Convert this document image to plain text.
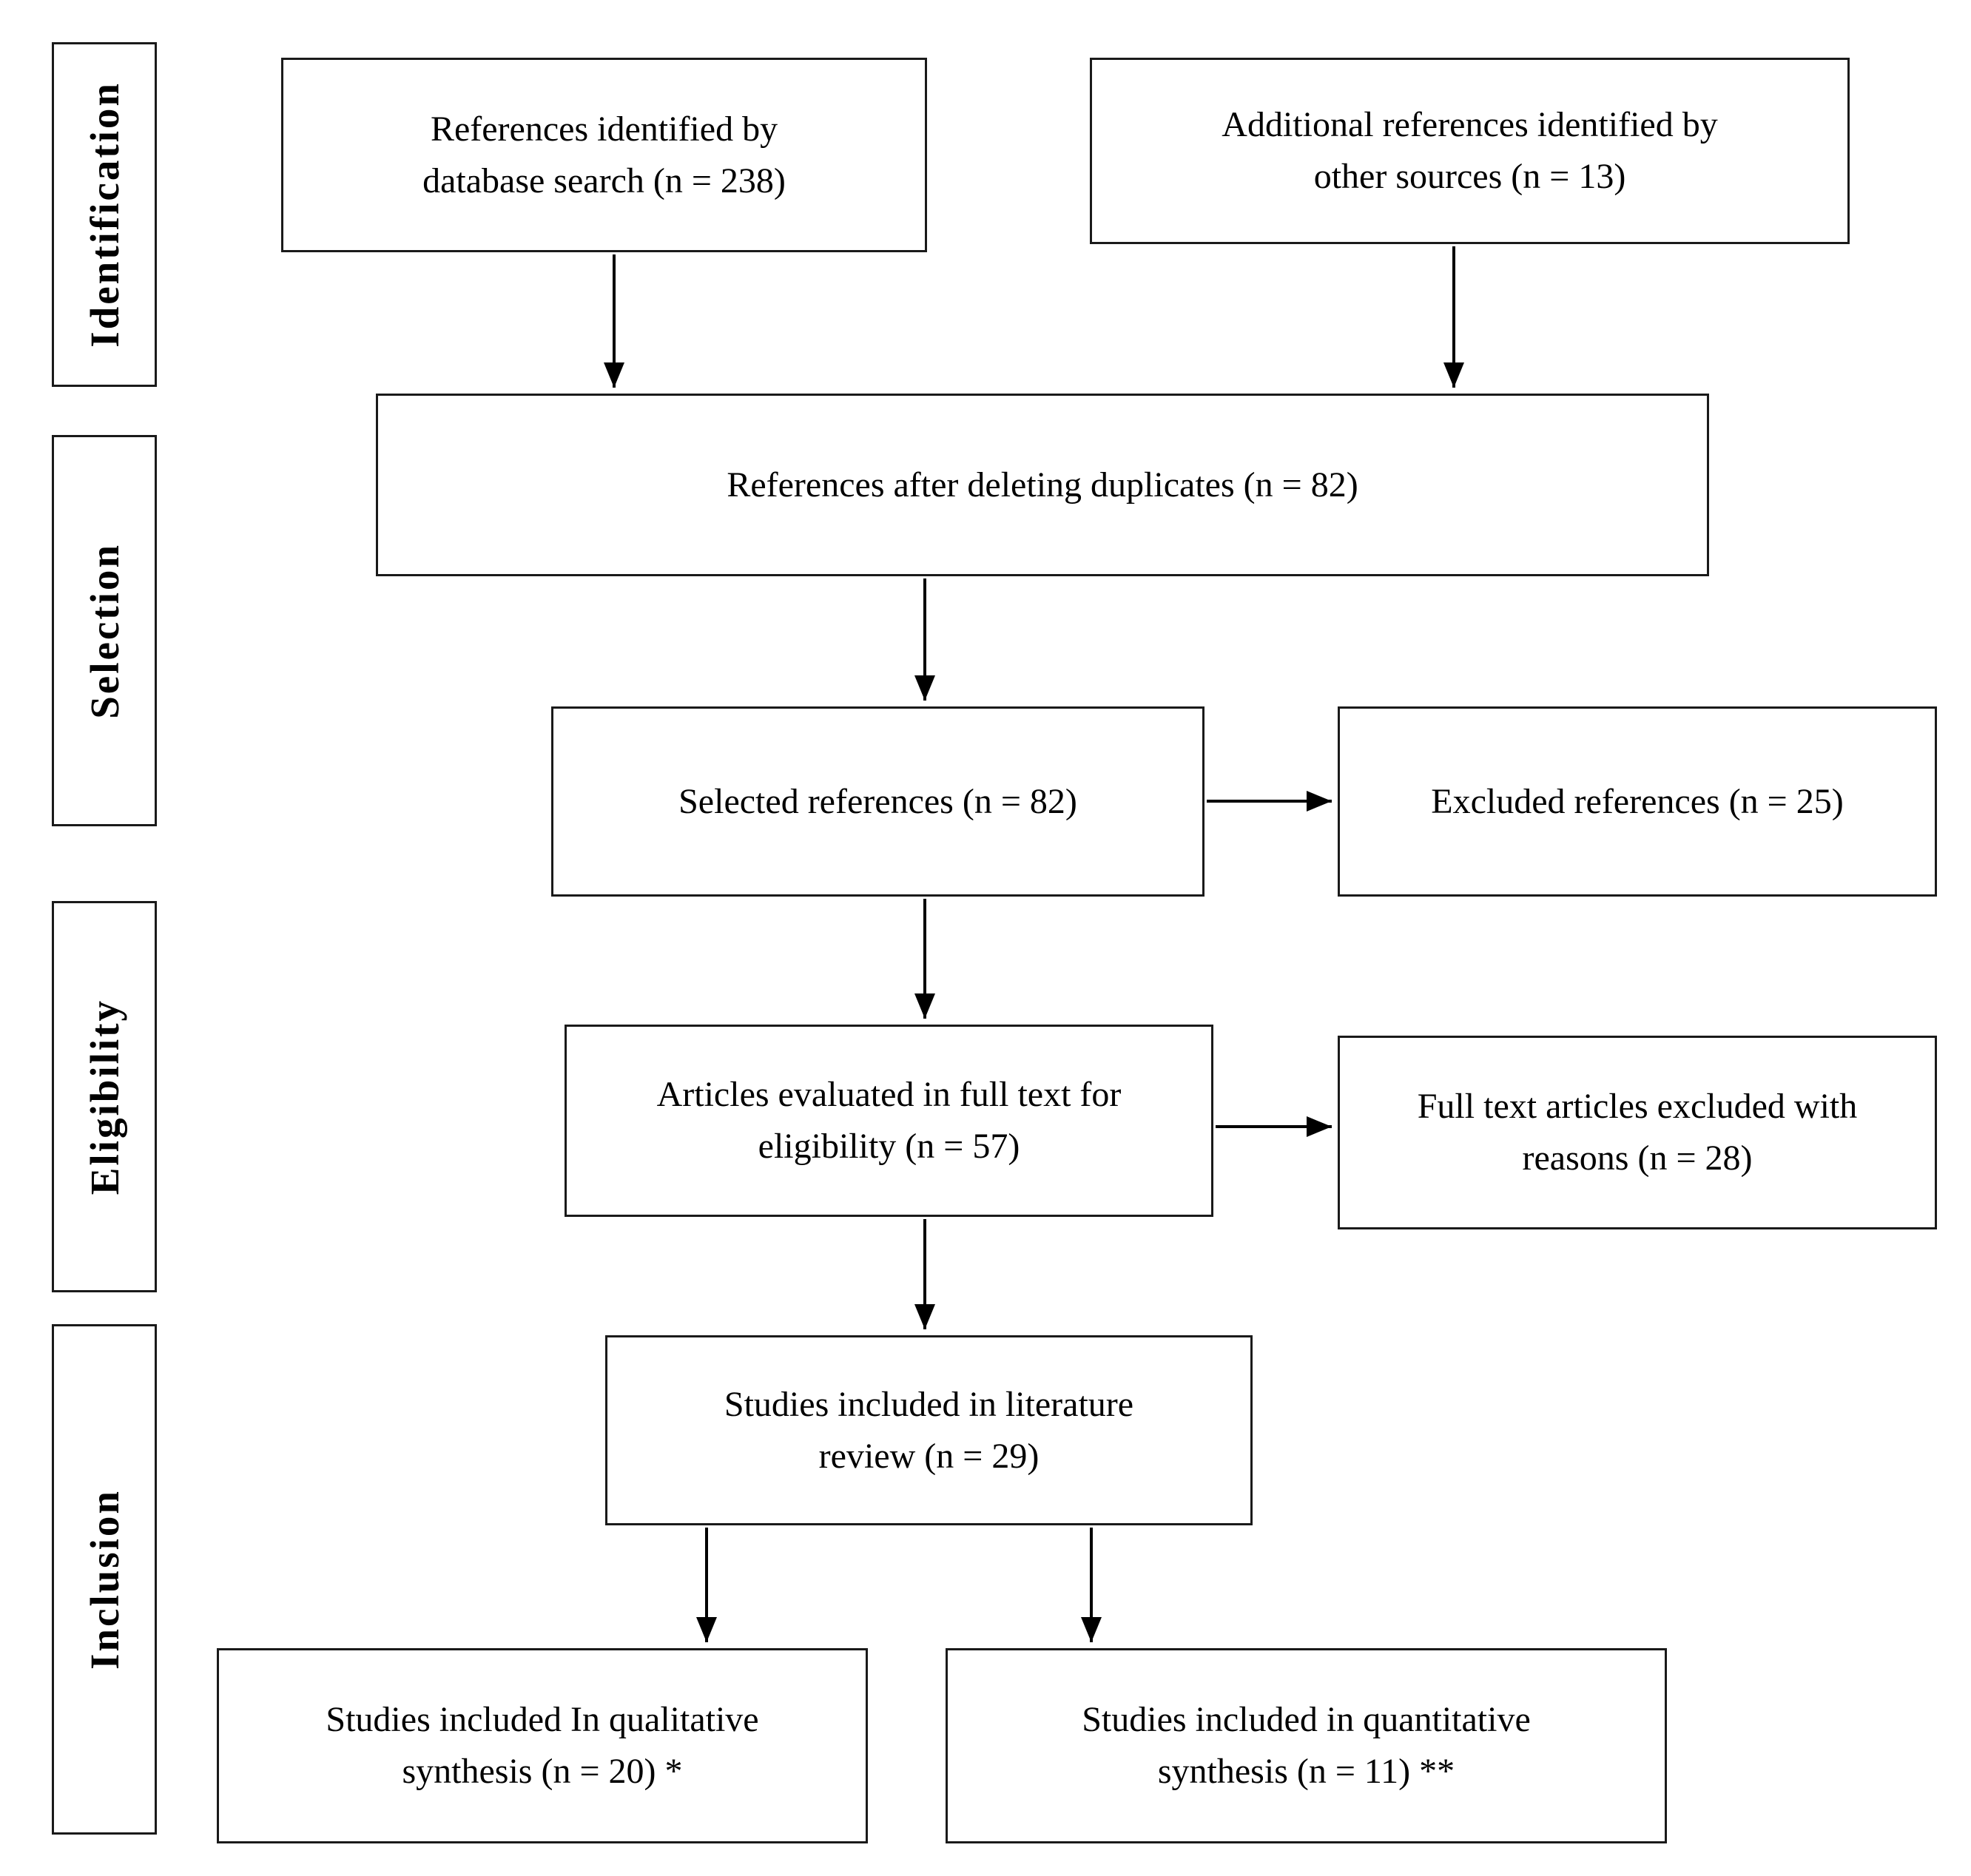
Identification
Selection
Eligibility
Inclusion
References identified by database search (n = 238)
Additional references identified by other sources (n = 13)
References after deleting duplicates (n = 82)
Selected references (n = 82)	Excluded references (n = 25)
Articles evaluated in full text for eligibility (n = 57)
Full text articles excluded with reasons (n = 28)
Studies included in literature review (n = 29)
Studies included In qualitative synthesis (n = 20) *
Studies included in quantitative synthesis (n = 11) **
